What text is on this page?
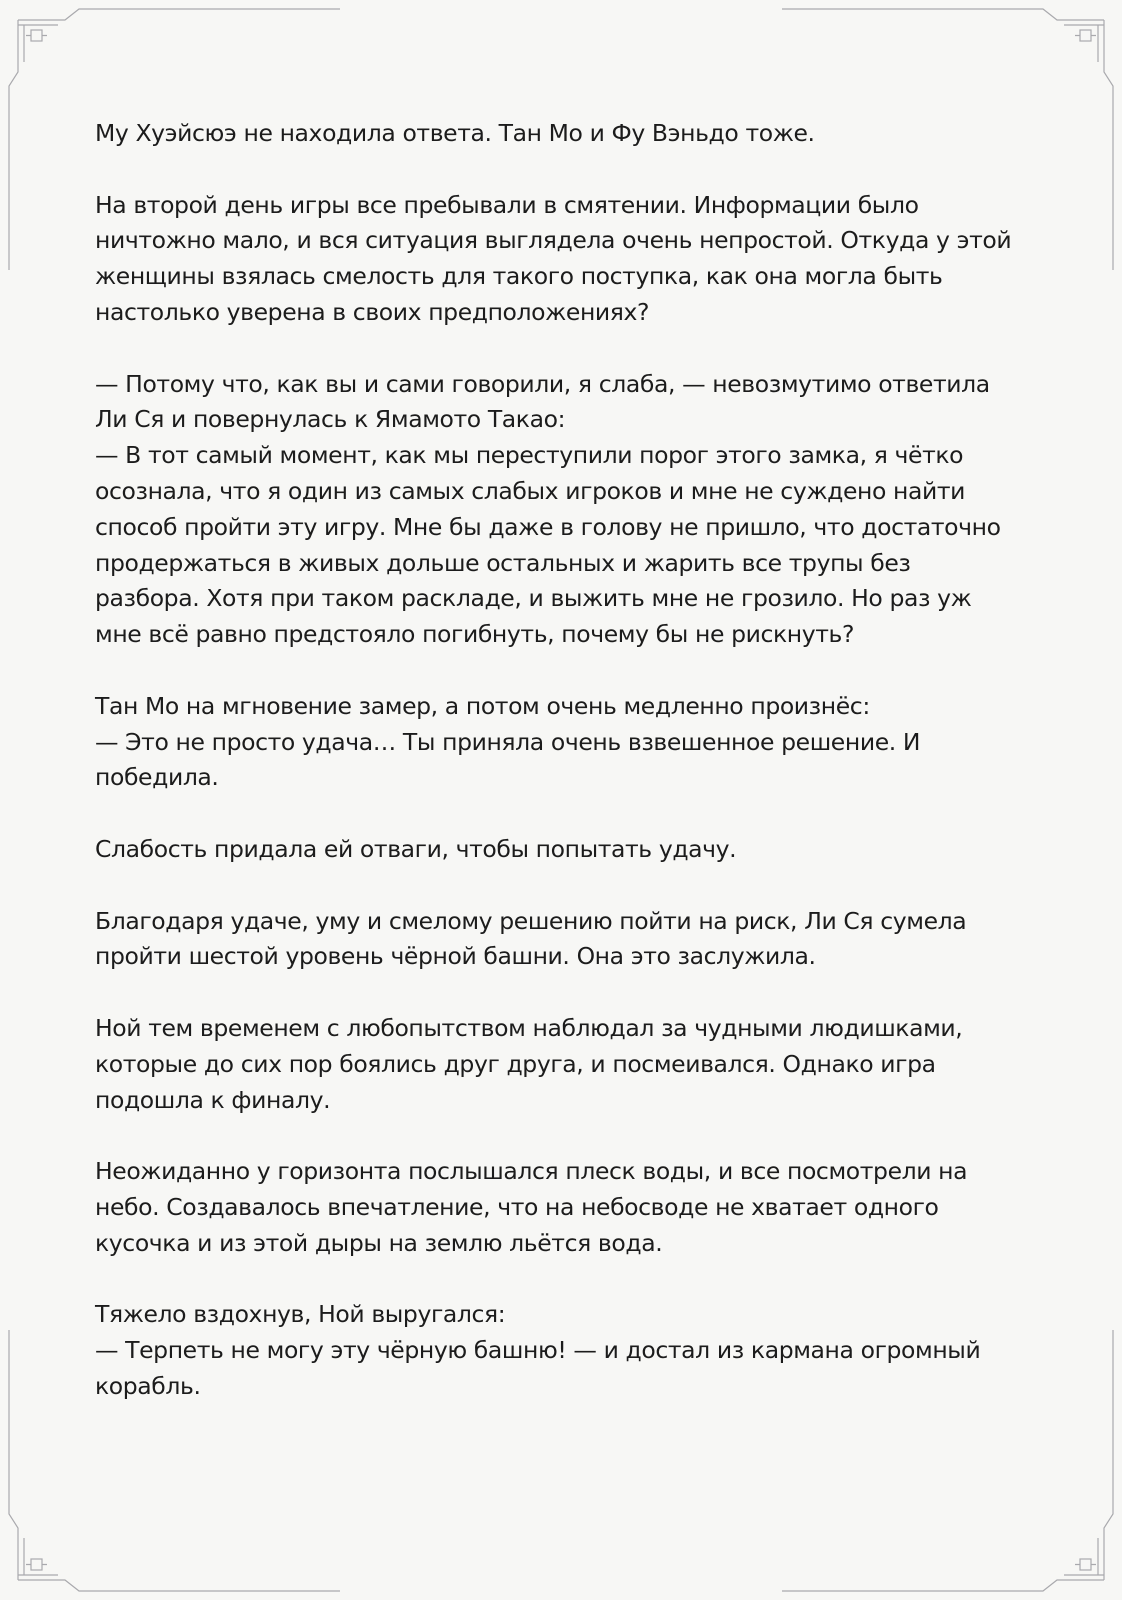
Му Хуэйсюэ не находила ответа. Тан Мо и Фу Вэньдо тоже.

На второй день игры все пребывали в смятении. Информации было
ничтожно мало, и вся ситуация выглядела очень непростой. Откуда у этой
женщины взялась смелость для такого поступка, как она могла быть
настолько уверена в своих предположениях?

— Потому что, как вы и сами говорили, я слаба, — невозмутимо ответила
Ли Ся и повернулась к Ямамото Такао:
— В тот самый момент, как мы переступили порог этого замка, я чётко
осознала, что я один из самых слабых игроков и мне не суждено найти
способ пройти эту игру. Мне бы даже в голову не пришло, что достаточно
продержаться в живых дольше остальных и жарить все трупы без
разбора. Хотя при таком раскладе, и выжить мне не грозило. Но раз уж
мне всё равно предстояло погибнуть, почему бы не рискнуть?

Тан Мо на мгновение замер, а потом очень медленно произнёс:
— Это не просто удача… Ты приняла очень взвешенное решение. И
победила.

Слабость придала ей отваги, чтобы попытать удачу.

Благодаря удаче, уму и смелому решению пойти на риск, Ли Ся сумела
пройти шестой уровень чёрной башни. Она это заслужила.

Ной тем временем с любопытством наблюдал за чудными людишками,
которые до сих пор боялись друг друга, и посмеивался. Однако игра
подошла к финалу.

Неожиданно у горизонта послышался плеск воды, и все посмотрели на
небо. Создавалось впечатление, что на небосводе не хватает одного
кусочка и из этой дыры на землю льётся вода.

Тяжело вздохнув, Ной выругался:
— Терпеть не могу эту чёрную башню! — и достал из кармана огромный
корабль.
